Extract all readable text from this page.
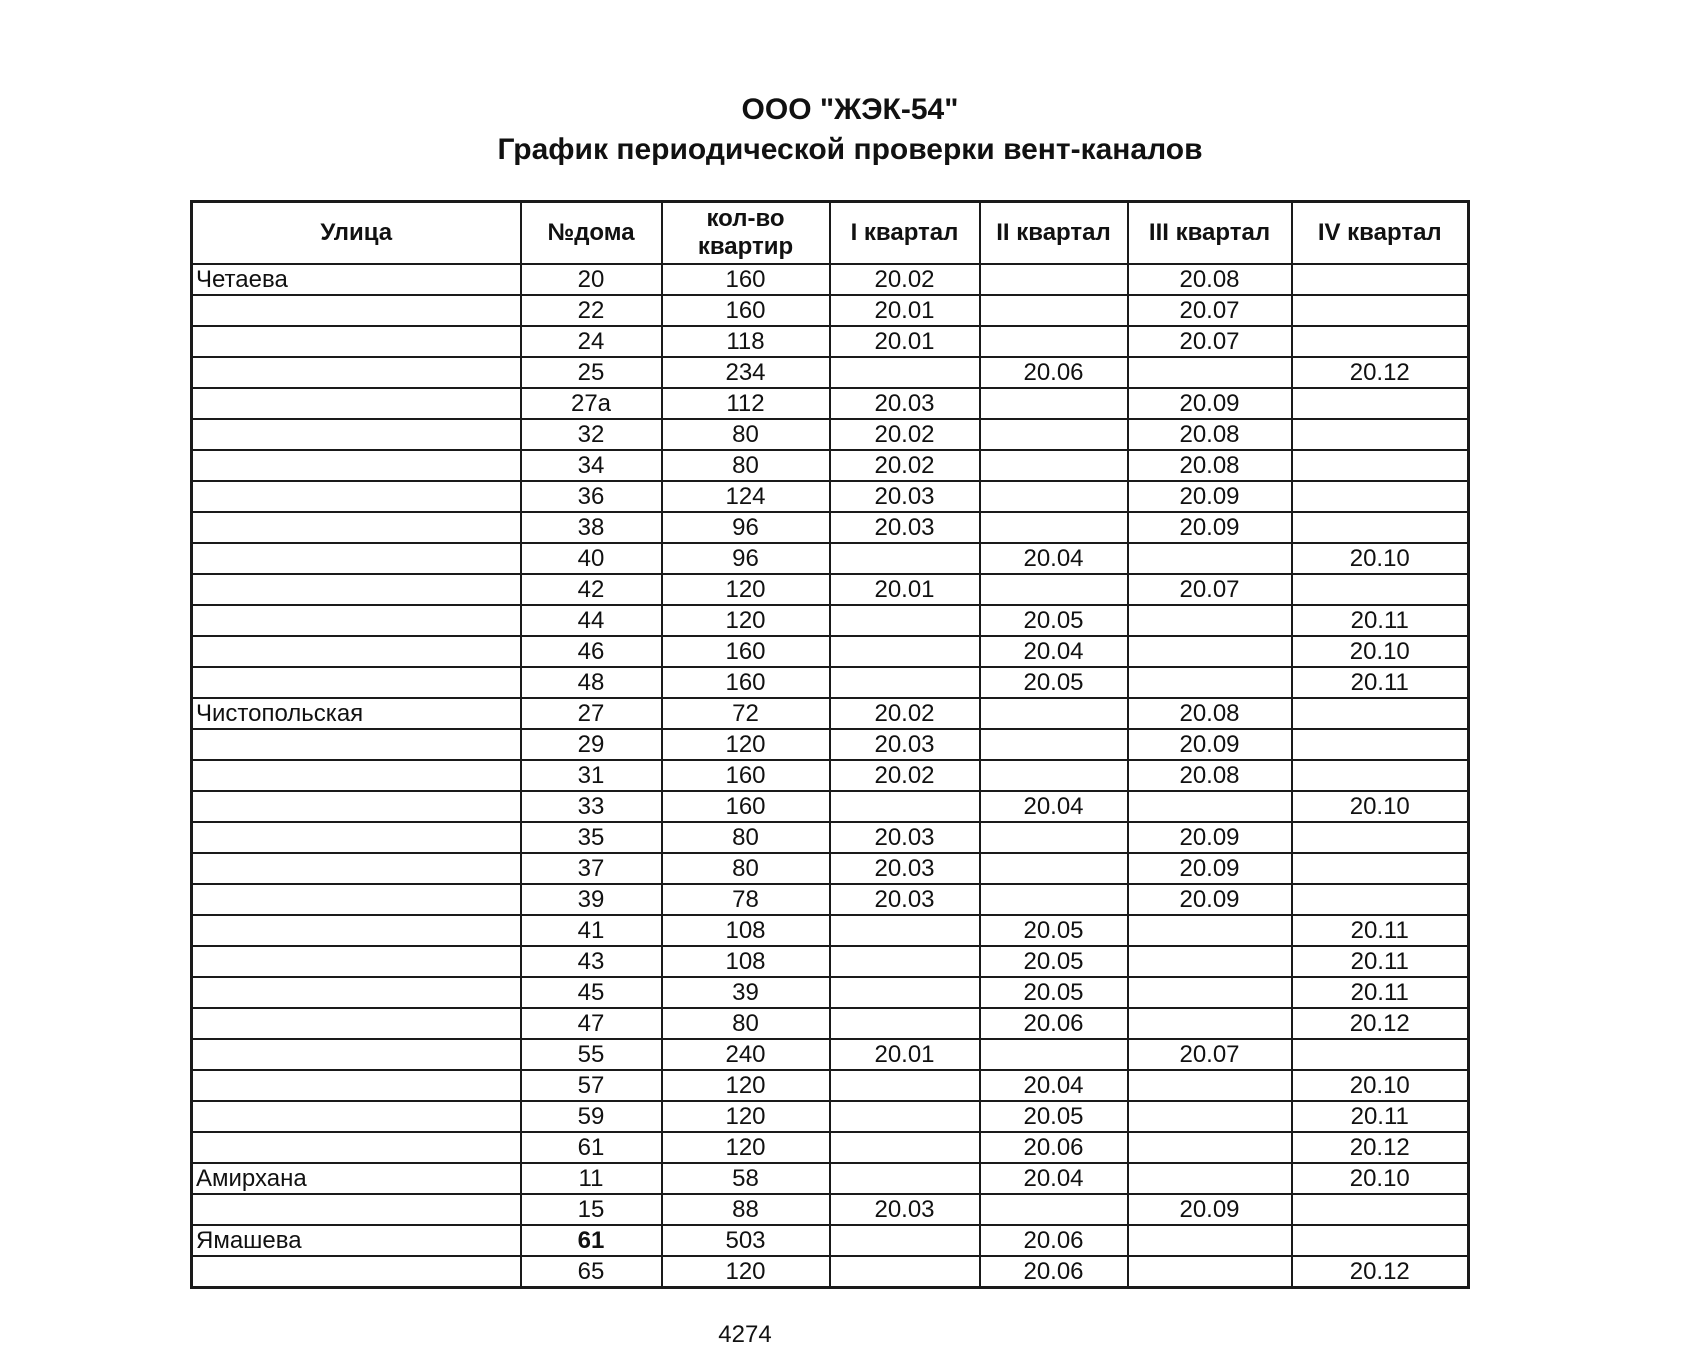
ООО "ЖЭК-54"
График периодической проверки вент-каналов
Улица	№дома	кол-во квартир	I квартал	II квартал	III квартал	IV квартал
Четаева	20	160	20.02		20.08	
	22	160	20.01		20.07	
	24	118	20.01		20.07	
	25	234		20.06		20.12
	27а	112	20.03		20.09	
	32	80	20.02		20.08	
	34	80	20.02		20.08	
	36	124	20.03		20.09	
	38	96	20.03		20.09	
	40	96		20.04		20.10
	42	120	20.01		20.07	
	44	120		20.05		20.11
	46	160		20.04		20.10
	48	160		20.05		20.11
Чистопольская	27	72	20.02		20.08	
	29	120	20.03		20.09	
	31	160	20.02		20.08	
	33	160		20.04		20.10
	35	80	20.03		20.09	
	37	80	20.03		20.09	
	39	78	20.03		20.09	
	41	108		20.05		20.11
	43	108		20.05		20.11
	45	39		20.05		20.11
	47	80		20.06		20.12
	55	240	20.01		20.07	
	57	120		20.04		20.10
	59	120		20.05		20.11
	61	120		20.06		20.12
Амирхана	11	58		20.04		20.10
	15	88	20.03		20.09	
Ямашева	61	503		20.06		
	65	120		20.06		20.12
4274
